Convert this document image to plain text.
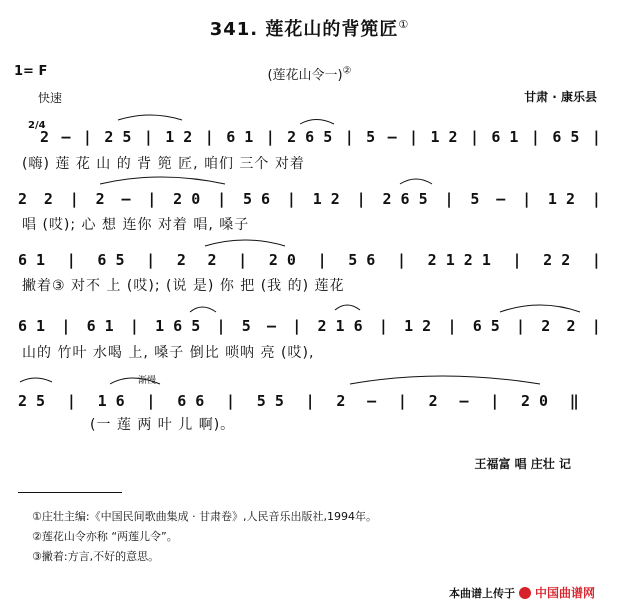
341. 莲花山的背篼匠①
1= F	(莲花山令一)②
快速	甘肃 · 康乐县
2/4
2 – | 2 5 | 1 2 | 6 1 | 2 6 5 | 5 – | 1 2 | 6 1 | 6 5 |
(嗨) 莲 花 山 的 背 篼 匠, 咱们 三个 对着
2 2 | 2 – | 2 0 | 5 6 | 1 2 | 2 6 5 | 5 – | 1 2 |
唱 (哎); 心 想 连你 对着 唱, 嗓子
6 1 | 6 5 | 2 2 | 2 0 | 5 6 | 2 1 2 1 | 2 2 |
撇着③ 对不 上 (哎); (说 是) 你 把 (我 的) 莲花
6 1 | 6 1 | 1 6 5 | 5 – | 2 1 6 | 1 2 | 6 5 | 2 2 |
山的 竹叶 水喝 上, 嗓子 倒比 唢呐 亮 (哎),
渐慢
2 5 | 1 6 | 6 6 | 5 5 | 2 – | 2 – | 2 0 ‖
(一 莲 两 叶 儿 啊)。
王福富 唱 庄壮 记
①庄壮主编:《中国民间歌曲集成 · 甘肃卷》,人民音乐出版社,1994年。
②莲花山令亦称 “两莲儿令”。
③撇着:方言,不好的意思。
本曲谱上传于 中国曲谱网
